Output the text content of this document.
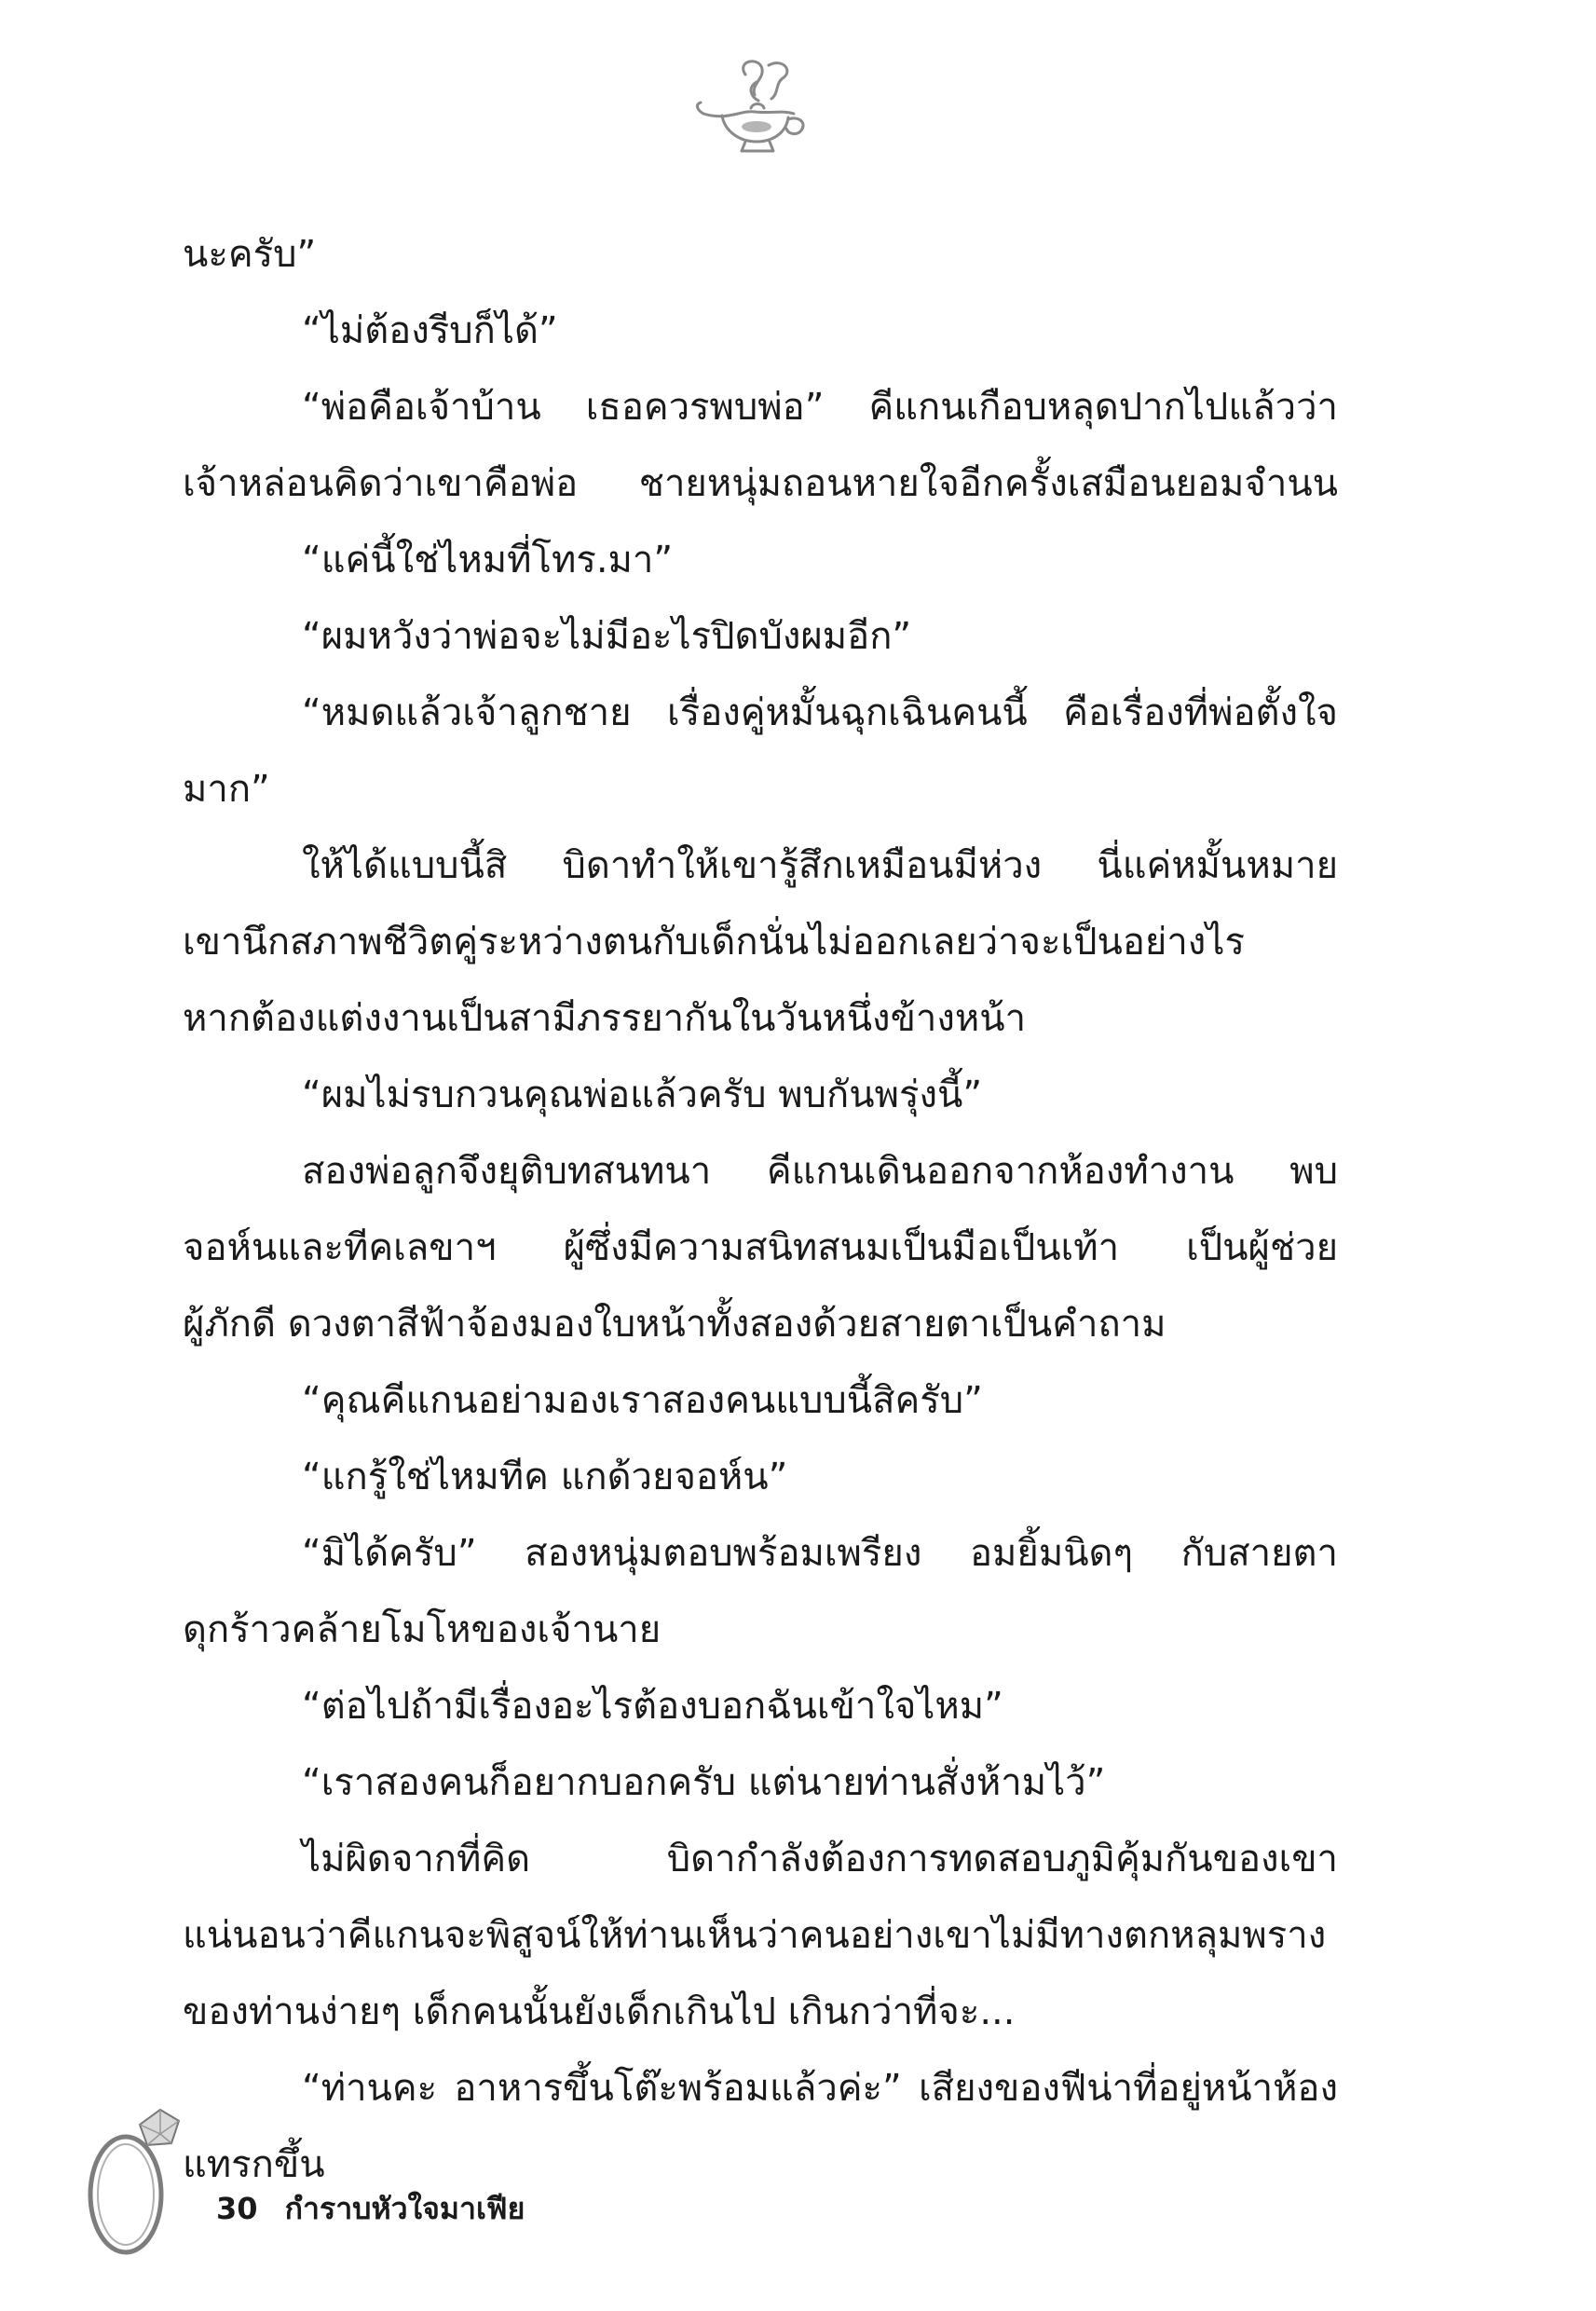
นะครับ”
“ไม่ต้องรีบก็ได้”
“พ่อคือเจ้าบ้าน เธอควรพบพ่อ” คีแกนเกือบหลุดปากไปแล้วว่า
เจ้าหล่อนคิดว่าเขาคือพ่อ ชายหนุ่มถอนหายใจอีกครั้งเสมือนยอมจำนน
“แค่นี้ใช่ไหมที่โทร.มา”
“ผมหวังว่าพ่อจะไม่มีอะไรปิดบังผมอีก”
“หมดแล้วเจ้าลูกชาย เรื่องคู่หมั้นฉุกเฉินคนนี้ คือเรื่องที่พ่อตั้งใจ
มาก”
ให้ได้แบบนี้สิ บิดาทำให้เขารู้สึกเหมือนมีห่วง นี่แค่หมั้นหมาย
เขานึกสภาพชีวิตคู่ระหว่างตนกับเด็กนั่นไม่ออกเลยว่าจะเป็นอย่างไร
หากต้องแต่งงานเป็นสามีภรรยากันในวันหนึ่งข้างหน้า
“ผมไม่รบกวนคุณพ่อแล้วครับ พบกันพรุ่งนี้”
สองพ่อลูกจึงยุติบทสนทนา คีแกนเดินออกจากห้องทำงาน พบ
จอห์นและทีคเลขาฯ ผู้ซึ่งมีความสนิทสนมเป็นมือเป็นเท้า เป็นผู้ช่วย
ผู้ภักดี ดวงตาสีฟ้าจ้องมองใบหน้าทั้งสองด้วยสายตาเป็นคำถาม
“คุณคีแกนอย่ามองเราสองคนแบบนี้สิครับ”
“แกรู้ใช่ไหมทีค แกด้วยจอห์น”
“มิได้ครับ” สองหนุ่มตอบพร้อมเพรียง อมยิ้มนิดๆ กับสายตา
ดุกร้าวคล้ายโมโหของเจ้านาย
“ต่อไปถ้ามีเรื่องอะไรต้องบอกฉันเข้าใจไหม”
“เราสองคนก็อยากบอกครับ แต่นายท่านสั่งห้ามไว้”
ไม่ผิดจากที่คิด บิดากำลังต้องการทดสอบภูมิคุ้มกันของเขา
แน่นอนว่าคีแกนจะพิสูจน์ให้ท่านเห็นว่าคนอย่างเขาไม่มีทางตกหลุมพราง
ของท่านง่ายๆ เด็กคนนั้นยังเด็กเกินไป เกินกว่าที่จะ...
“ท่านคะ อาหารขึ้นโต๊ะพร้อมแล้วค่ะ” เสียงของฟีน่าที่อยู่หน้าห้อง
แทรกขึ้น
30 กำราบหัวใจมาเฟีย
